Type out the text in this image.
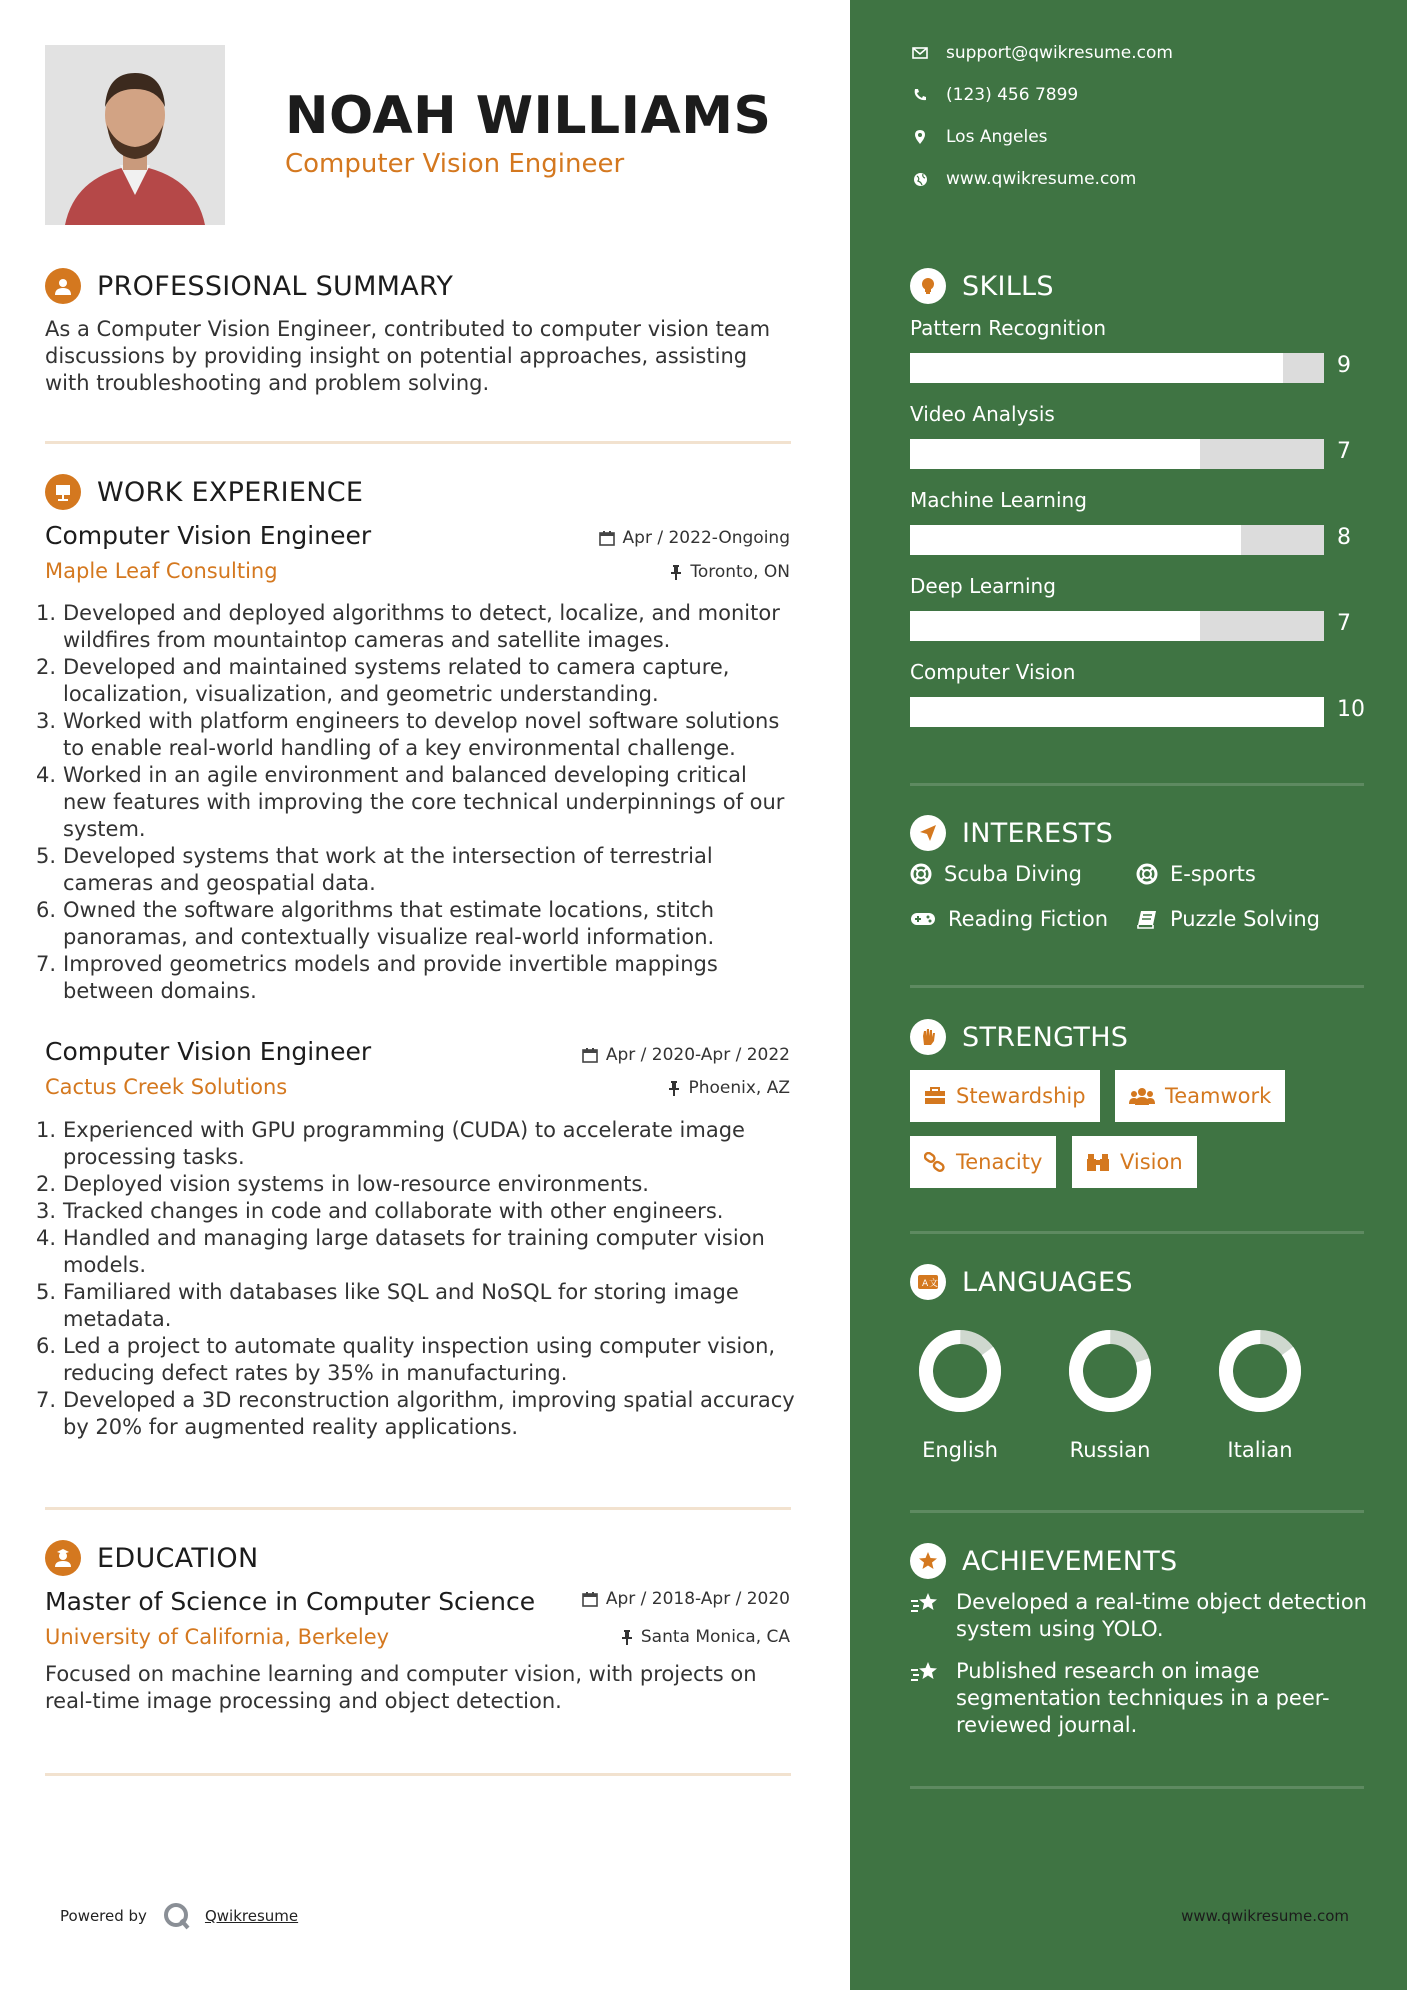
NOAH WILLIAMS
Computer Vision Engineer
PROFESSIONAL SUMMARY
As a Computer Vision Engineer, contributed to computer vision team discussions by providing insight on potential approaches, assisting with troubleshooting and problem solving.
WORK EXPERIENCE
Computer Vision Engineer
Maple Leaf Consulting
Apr / 2022-Ongoing
Toronto, ON
1. Developed and deployed algorithms to detect, localize, and monitor wildfires from mountaintop cameras and satellite images.
2. Developed and maintained systems related to camera capture, localization, visualization, and geometric understanding.
3. Worked with platform engineers to develop novel software solutions to enable real-world handling of a key environmental challenge.
4. Worked in an agile environment and balanced developing critical new features with improving the core technical underpinnings of our system.
5. Developed systems that work at the intersection of terrestrial cameras and geospatial data.
6. Owned the software algorithms that estimate locations, stitch panoramas, and contextually visualize real-world information.
7. Improved geometrics models and provide invertible mappings between domains.
Computer Vision Engineer
Cactus Creek Solutions
Apr / 2020-Apr / 2022
Phoenix, AZ
1. Experienced with GPU programming (CUDA) to accelerate image processing tasks.
2. Deployed vision systems in low-resource environments.
3. Tracked changes in code and collaborate with other engineers.
4. Handled and managing large datasets for training computer vision models.
5. Familiared with databases like SQL and NoSQL for storing image metadata.
6. Led a project to automate quality inspection using computer vision, reducing defect rates by 35% in manufacturing.
7. Developed a 3D reconstruction algorithm, improving spatial accuracy by 20% for augmented reality applications.
EDUCATION
Master of Science in Computer Science
University of California, Berkeley
Apr / 2018-Apr / 2020
Santa Monica, CA
Focused on machine learning and computer vision, with projects on real-time image processing and object detection.
Powered by	Qwikresume
support@qwikresume.com
(123) 456 7899
Los Angeles
www.qwikresume.com
SKILLS
Pattern Recognition
9
Video Analysis
7
Machine Learning
8
Deep Learning
7
Computer Vision
10
INTERESTS
Scuba Diving	E-sports
Reading Fiction	Puzzle Solving
STRENGTHS
Stewardship	Teamwork
Tenacity	Vision
A 文 LANGUAGES
English	Russian	Italian
ACHIEVEMENTS
Developed a real-time object detection system using YOLO.
Published research on image segmentation techniques in a peer-reviewed journal.
www.qwikresume.com
